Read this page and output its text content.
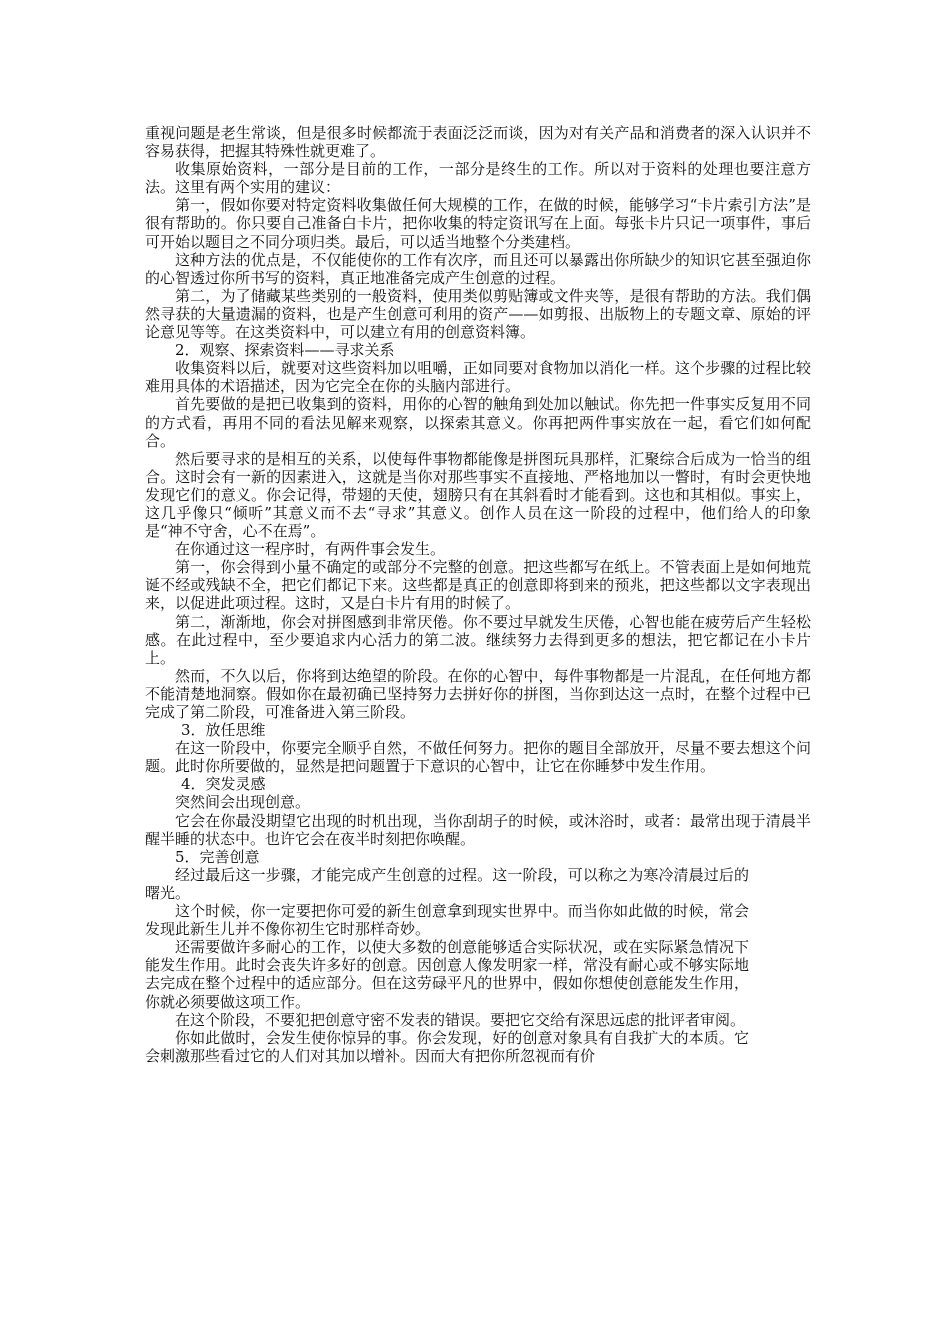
重视问题是老生常谈，但是很多时候都流于表面泛泛而谈，因为对有关产品和消费者的深入认识并不容易获得，把握其特殊性就更难了。

收集原始资料，一部分是目前的工作，一部分是终生的工作。所以对于资料的处理也要注意方法。这里有两个实用的建议：

第一，假如你要对特定资料收集做任何大规模的工作，在做的时候，能够学习“卡片索引方法”是很有帮助的。你只要自己准备白卡片，把你收集的特定资讯写在上面。每张卡片只记一项事件，事后可开始以题目之不同分项归类。最后，可以适当地整个分类建档。

这种方法的优点是，不仅能使你的工作有次序，而且还可以暴露出你所缺少的知识它甚至强迫你的心智透过你所书写的资料，真正地准备完成产生创意的过程。

第二，为了储藏某些类别的一般资料，使用类似剪贴簿或文件夹等，是很有帮助的方法。我们偶然寻获的大量遗漏的资料，也是产生创意可利用的资产——如剪报、出版物上的专题文章、原始的评论意见等等。在这类资料中，可以建立有用的创意资料簿。

2．观察、探索资料——寻求关系

收集资料以后，就要对这些资料加以咀嚼，正如同要对食物加以消化一样。这个步骤的过程比较难用具体的术语描述，因为它完全在你的头脑内部进行。

首先要做的是把已收集到的资料，用你的心智的触角到处加以触试。你先把一件事实反复用不同的方式看，再用不同的看法见解来观察，以探索其意义。你再把两件事实放在一起，看它们如何配合。

然后要寻求的是相互的关系，以使每件事物都能像是拼图玩具那样，汇聚综合后成为一恰当的组合。这时会有一新的因素进入，这就是当你对那些事实不直接地、严格地加以一瞥时，有时会更快地发现它们的意义。你会记得，带翅的天使，翅膀只有在其斜看时才能看到。这也和其相似。事实上，这几乎像只“倾听”其意义而不去“寻求”其意义。创作人员在这一阶段的过程中，他们给人的印象是“神不守舍，心不在焉”。

在你通过这一程序时，有两件事会发生。

第一，你会得到小量不确定的或部分不完整的创意。把这些都写在纸上。不管表面上是如何地荒诞不经或残缺不全，把它们都记下来。这些都是真正的创意即将到来的预兆，把这些都以文字表现出来，以促进此项过程。这时，又是白卡片有用的时候了。

第二，渐渐地，你会对拼图感到非常厌倦。你不要过早就发生厌倦，心智也能在疲劳后产生轻松感。在此过程中，至少要追求内心活力的第二波。继续努力去得到更多的想法，把它都记在小卡片上。

然而，不久以后，你将到达绝望的阶段。在你的心智中，每件事物都是一片混乱，在任何地方都不能清楚地洞察。假如你在最初确已坚持努力去拼好你的拼图，当你到达这一点时，在整个过程中已完成了第二阶段，可准备进入第三阶段。

3．放任思维

在这一阶段中，你要完全顺乎自然，不做任何努力。把你的题目全部放开，尽量不要去想这个问题。此时你所要做的，显然是把问题置于下意识的心智中，让它在你睡梦中发生作用。

4．突发灵感

突然间会出现创意。

它会在你最没期望它出现的时机出现，当你刮胡子的时候，或沐浴时，或者：最常出现于清晨半醒半睡的状态中。也许它会在夜半时刻把你唤醒。

5．完善创意

经过最后这一步骤，才能完成产生创意的过程。这一阶段，可以称之为寒冷清晨过后的曙光。

这个时候，你一定要把你可爱的新生创意拿到现实世界中。而当你如此做的时候，常会发现此新生儿并不像你初生它时那样奇妙。

还需要做许多耐心的工作，以使大多数的创意能够适合实际状况，或在实际紧急情况下能发生作用。此时会丧失许多好的创意。因创意人像发明家一样，常没有耐心或不够实际地去完成在整个过程中的适应部分。但在这劳碌平凡的世界中，假如你想使创意能发生作用，你就必须要做这项工作。

在这个阶段，不要犯把创意守密不发表的错误。要把它交给有深思远虑的批评者审阅。

你如此做时，会发生使你惊异的事。你会发现，好的创意对象具有自我扩大的本质。它会刺激那些看过它的人们对其加以增补。因而大有把你所忽视而有价
